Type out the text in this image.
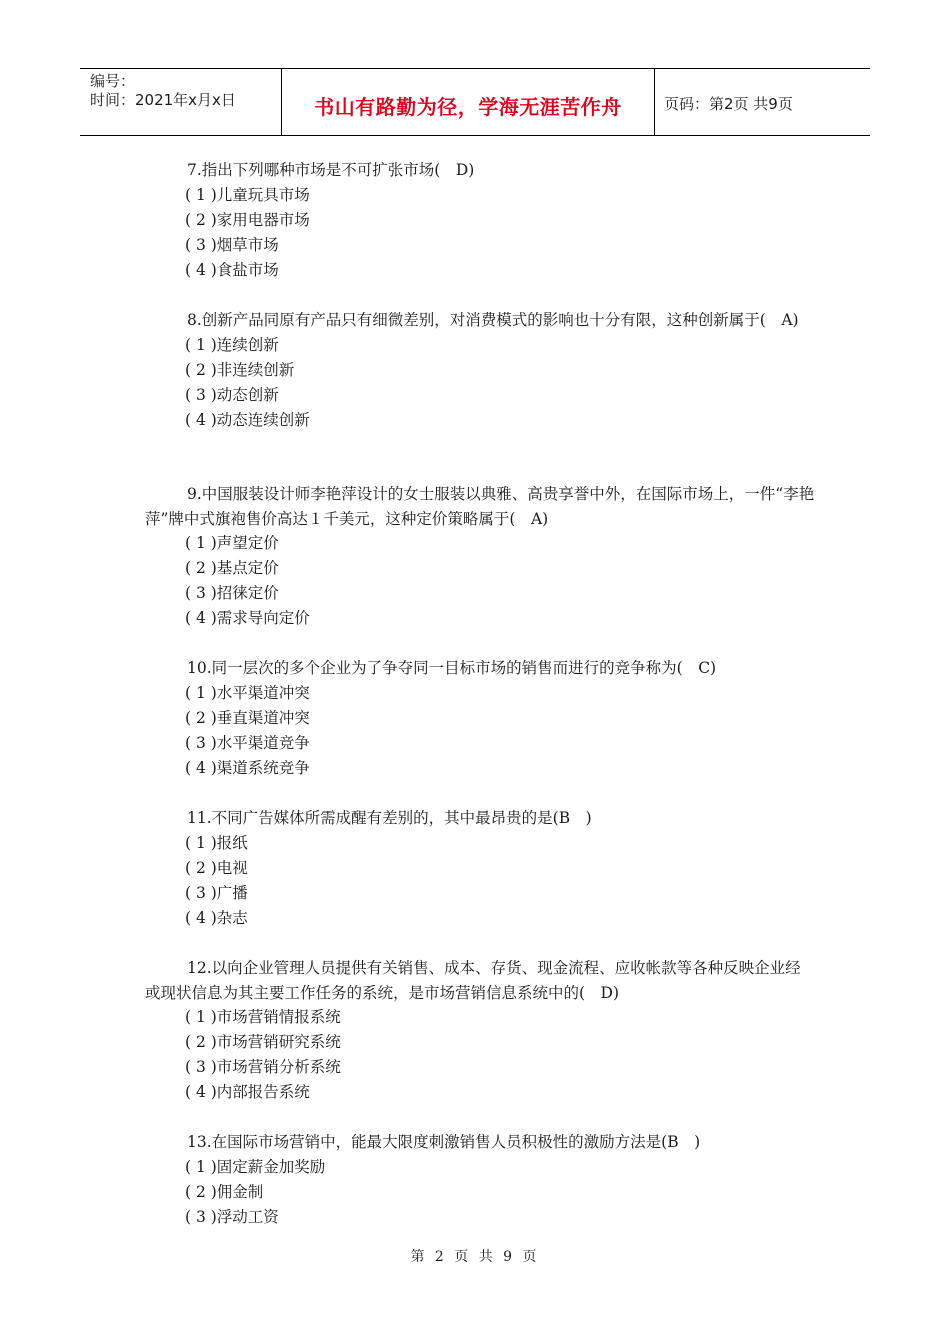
编号：
时间：2021年x月x日	书山有路勤为径，学海无涯苦作舟	页码：第2页 共9页

7.指出下列哪种市场是不可扩张市场(　D)

( 1 )儿童玩具市场

( 2 )家用电器市场

( 3 )烟草市场

( 4 )食盐市场

8.创新产品同原有产品只有细微差别，对消费模式的影响也十分有限，这种创新属于(　A)

( 1 )连续创新

( 2 )非连续创新

( 3 )动态创新

( 4 )动态连续创新

9.中国服装设计师李艳萍设计的女士服装以典雅、高贵享誉中外，在国际市场上，一件“李艳萍”牌中式旗袍售价高达１千美元，这种定价策略属于(　A)

( 1 )声望定价

( 2 )基点定价

( 3 )招徕定价

( 4 )需求导向定价

10.同一层次的多个企业为了争夺同一目标市场的销售而进行的竞争称为(　C)

( 1 )水平渠道冲突

( 2 )垂直渠道冲突

( 3 )水平渠道竞争

( 4 )渠道系统竞争

11.不同广告媒体所需成醒有差别的，其中最昂贵的是(B　)

( 1 )报纸

( 2 )电视

( 3 )广播

( 4 )杂志

12.以向企业管理人员提供有关销售、成本、存货、现金流程、应收帐款等各种反映企业经或现状信息为其主要工作任务的系统，是市场营销信息系统中的(　D)

( 1 )市场营销情报系统

( 2 )市场营销研究系统

( 3 )市场营销分析系统

( 4 )内部报告系统

13.在国际市场营销中，能最大限度刺激销售人员积极性的激励方法是(B　)

( 1 )固定薪金加奖励

( 2 )佣金制

( 3 )浮动工资

第 2 页 共 9 页
